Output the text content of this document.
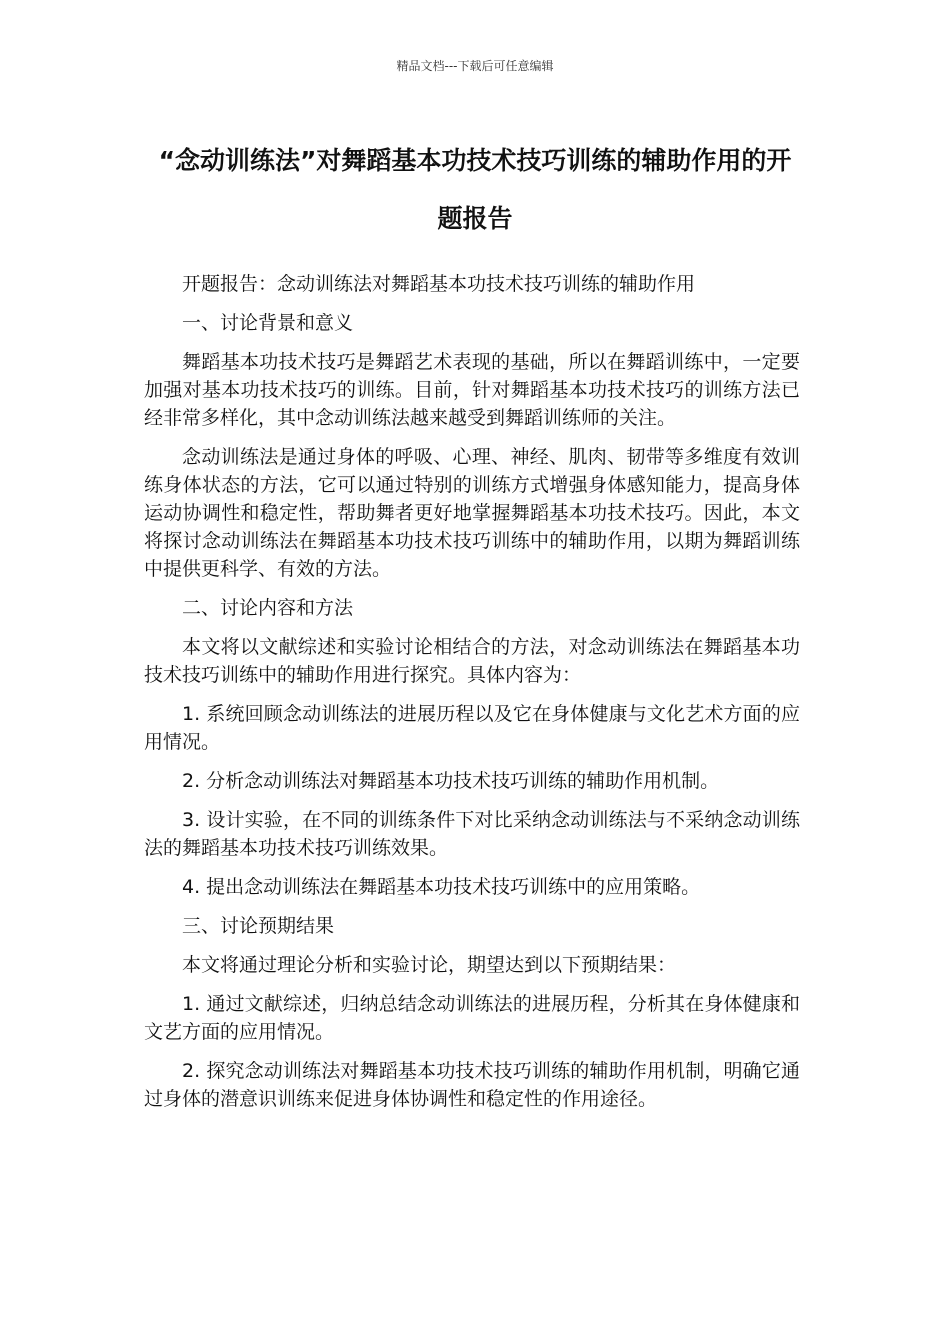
精品文档---下载后可任意编辑
“念动训练法”对舞蹈基本功技术技巧训练的辅助作用的开题报告

开题报告：念动训练法对舞蹈基本功技术技巧训练的辅助作用

一、讨论背景和意义

舞蹈基本功技术技巧是舞蹈艺术表现的基础，所以在舞蹈训练中，一定要加强对基本功技术技巧的训练。目前，针对舞蹈基本功技术技巧的训练方法已经非常多样化，其中念动训练法越来越受到舞蹈训练师的关注。

念动训练法是通过身体的呼吸、心理、神经、肌肉、韧带等多维度有效训练身体状态的方法，它可以通过特别的训练方式增强身体感知能力，提高身体运动协调性和稳定性，帮助舞者更好地掌握舞蹈基本功技术技巧。因此，本文将探讨念动训练法在舞蹈基本功技术技巧训练中的辅助作用，以期为舞蹈训练中提供更科学、有效的方法。

二、讨论内容和方法

本文将以文献综述和实验讨论相结合的方法，对念动训练法在舞蹈基本功技术技巧训练中的辅助作用进行探究。具体内容为：

1. 系统回顾念动训练法的进展历程以及它在身体健康与文化艺术方面的应用情况。

2. 分析念动训练法对舞蹈基本功技术技巧训练的辅助作用机制。

3. 设计实验，在不同的训练条件下对比采纳念动训练法与不采纳念动训练法的舞蹈基本功技术技巧训练效果。

4. 提出念动训练法在舞蹈基本功技术技巧训练中的应用策略。

三、讨论预期结果

本文将通过理论分析和实验讨论，期望达到以下预期结果：

1. 通过文献综述，归纳总结念动训练法的进展历程，分析其在身体健康和文艺方面的应用情况。

2. 探究念动训练法对舞蹈基本功技术技巧训练的辅助作用机制，明确它通过身体的潜意识训练来促进身体协调性和稳定性的作用途径。
